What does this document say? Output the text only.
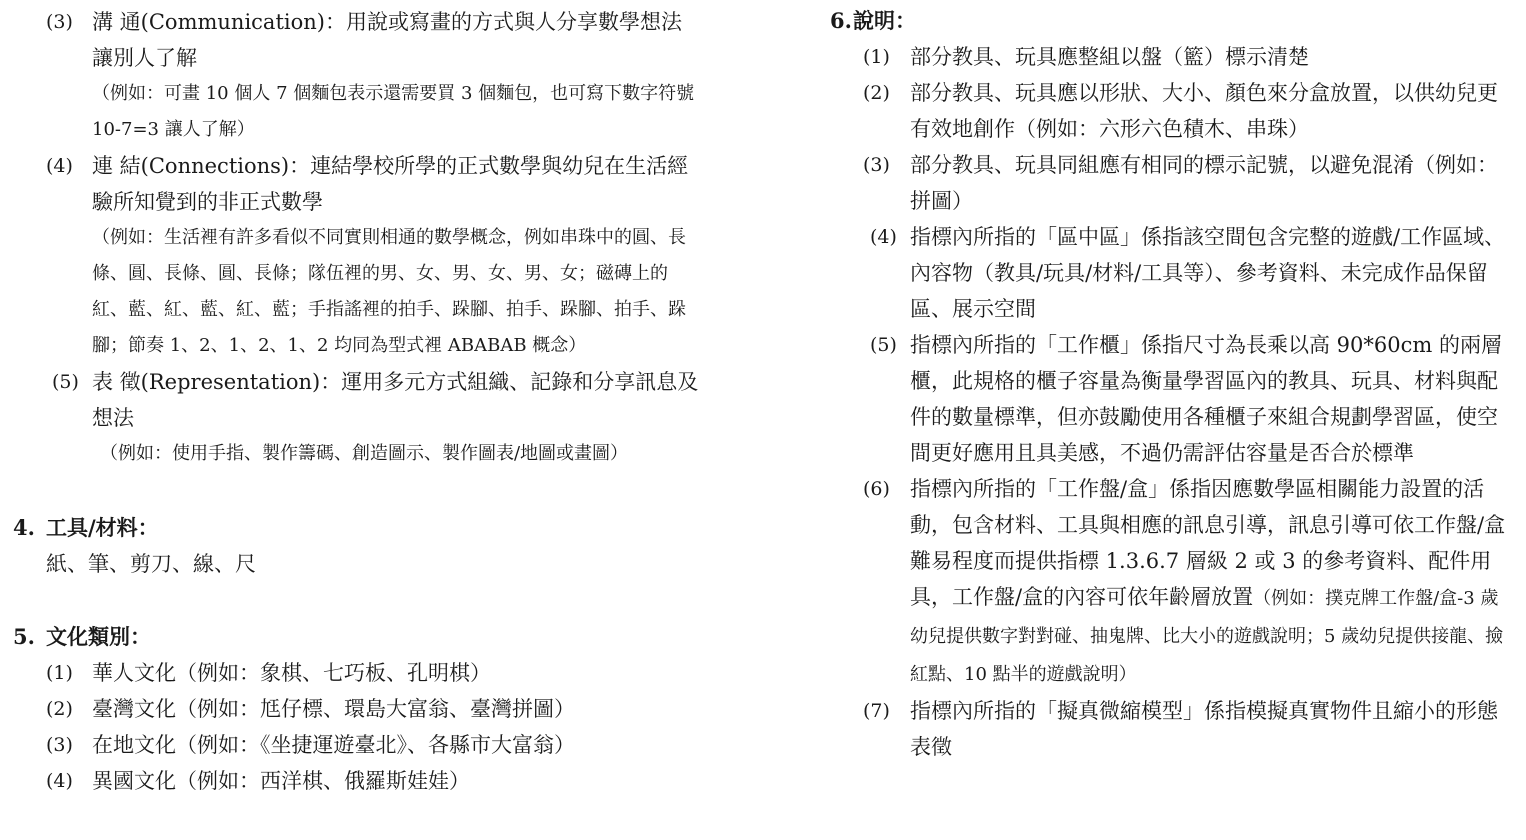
(3) 溝 通(Communication)：用說或寫畫的方式與人分享數學想法讓別人了解
（例如：可畫 10 個人 7 個麵包表示還需要買 3 個麵包，也可寫下數字符號 10-7=3 讓人了解）
(4) 連 結(Connections)：連結學校所學的正式數學與幼兒在生活經驗所知覺到的非正式數學
（例如：生活裡有許多看似不同實則相通的數學概念，例如串珠中的圓、長條、圓、長條、圓、長條；隊伍裡的男、女、男、女、男、女；磁磚上的紅、藍、紅、藍、紅、藍；手指謠裡的拍手、跺腳、拍手、跺腳、拍手、跺腳；節奏 1、2、1、2、1、2 均同為型式裡 ABABAB 概念）
(5) 表 徵(Representation)：運用多元方式組織、記錄和分享訊息及想法
（例如：使用手指、製作籌碼、創造圖示、製作圖表/地圖或畫圖）
4. 工具/材料：
紙、筆、剪刀、線、尺
5. 文化類別：
(1) 華人文化（例如：象棋、七巧板、孔明棋）
(2) 臺灣文化（例如：尪仔標、環島大富翁、臺灣拼圖）
(3) 在地文化（例如：《坐捷運遊臺北》、各縣市大富翁）
(4) 異國文化（例如：西洋棋、俄羅斯娃娃）
6. 說明：
(1) 部分教具、玩具應整組以盤（籃）標示清楚
(2) 部分教具、玩具應以形狀、大小、顏色來分盒放置，以供幼兒更有效地創作（例如：六形六色積木、串珠）
(3) 部分教具、玩具同組應有相同的標示記號，以避免混淆（例如：拼圖）
(4) 指標內所指的「區中區」係指該空間包含完整的遊戲/工作區域、內容物（教具/玩具/材料/工具等）、參考資料、未完成作品保留區、展示空間
(5) 指標內所指的「工作櫃」係指尺寸為長乘以高 90*60cm 的兩層櫃，此規格的櫃子容量為衡量學習區內的教具、玩具、材料與配件的數量標準，但亦鼓勵使用各種櫃子來組合規劃學習區，使空間更好應用且具美感，不過仍需評估容量是否合於標準
(6) 指標內所指的「工作盤/盒」係指因應數學區相關能力設置的活動，包含材料、工具與相應的訊息引導，訊息引導可依工作盤/盒難易程度而提供指標 1.3.6.7 層級 2 或 3 的參考資料、配件用具，工作盤/盒的內容可依年齡層放置（例如：撲克牌工作盤/盒-3 歲幼兒提供數字對對碰、抽鬼牌、比大小的遊戲說明；5 歲幼兒提供接龍、撿紅點、10 點半的遊戲說明）
(7) 指標內所指的「擬真微縮模型」係指模擬真實物件且縮小的形態表徵
